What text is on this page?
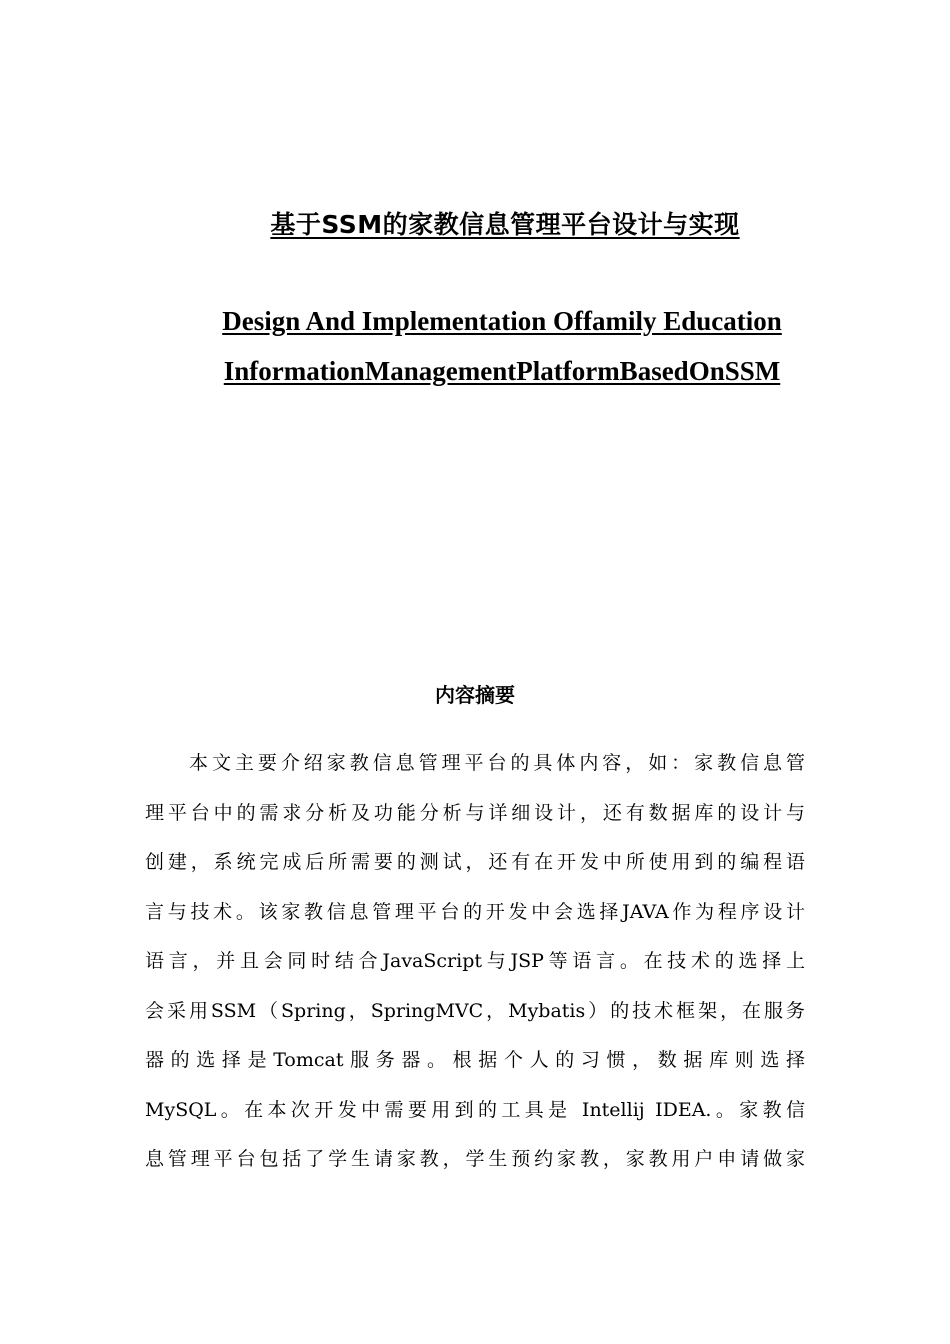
基于SSM的家教信息管理平台设计与实现
Design And Implementation Offamily Education
InformationManagementPlatformBasedOnSSM
内容摘要
本文主要介绍家教信息管理平台的具体内容，如：家教信息管
理平台中的需求分析及功能分析与详细设计，还有数据库的设计与
创建，系统完成后所需要的测试，还有在开发中所使用到的编程语
言与技术。该家教信息管理平台的开发中会选择JAVA作为程序设计
语言，并且会同时结合JavaScript与JSP等语言。在技术的选择上
会采用SSM（Spring，SpringMVC，Mybatis）的技术框架，在服务
器的选择是Tomcat服务器。根据个人的习惯，数据库则选择
MySQL。在本次开发中需要用到的工具是 Intellij IDEA.。家教信
息管理平台包括了学生请家教，学生预约家教，家教用户申请做家
